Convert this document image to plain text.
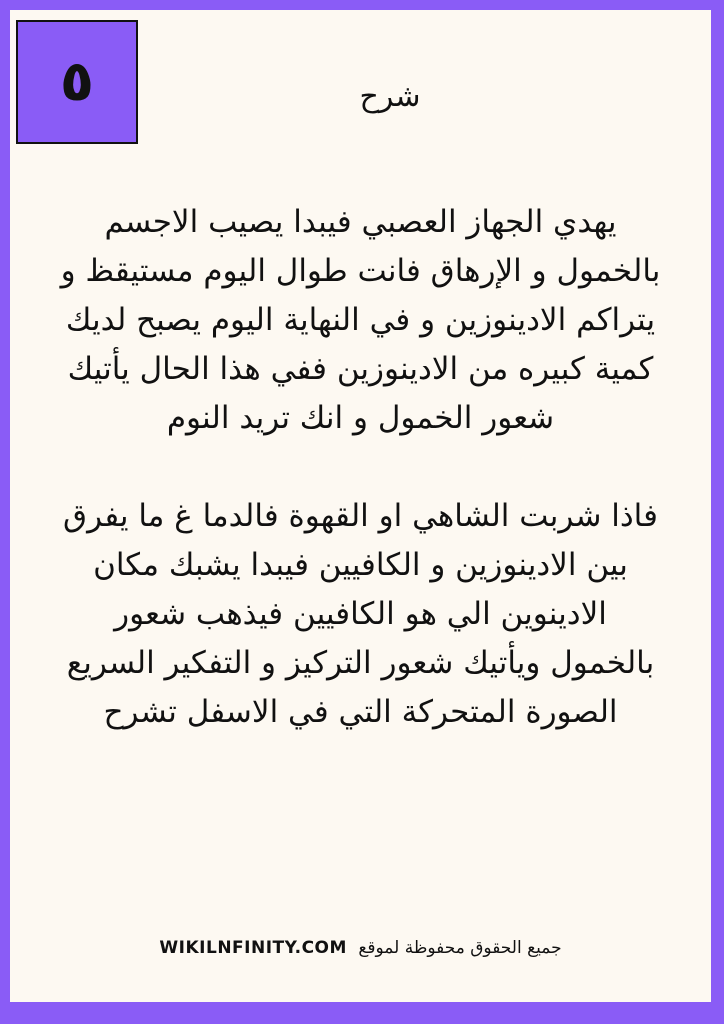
٥	شرح

يهدي الجهاز العصبي فيبدا يصيب الاجسم
بالخمول و الإرهاق فانت طوال اليوم مستيقظ و
يتراكم الادينوزين و في النهاية اليوم يصبح لديك
كمية كبيره من الادينوزين ففي هذا الحال يأتيك
شعور الخمول و انك تريد النوم

فاذا شربت الشاهي او القهوة فالدما غ ما يفرق
بين الادينوزين و الكافيين فيبدا يشبك مكان
الادينوين الي هو الكافيين فيذهب شعور
بالخمول ويأتيك شعور التركيز و التفكير السريع
الصورة المتحركة التي في الاسفل تشرح

WIKILNFINITY.COM جميع الحقوق محفوظة لموقع
